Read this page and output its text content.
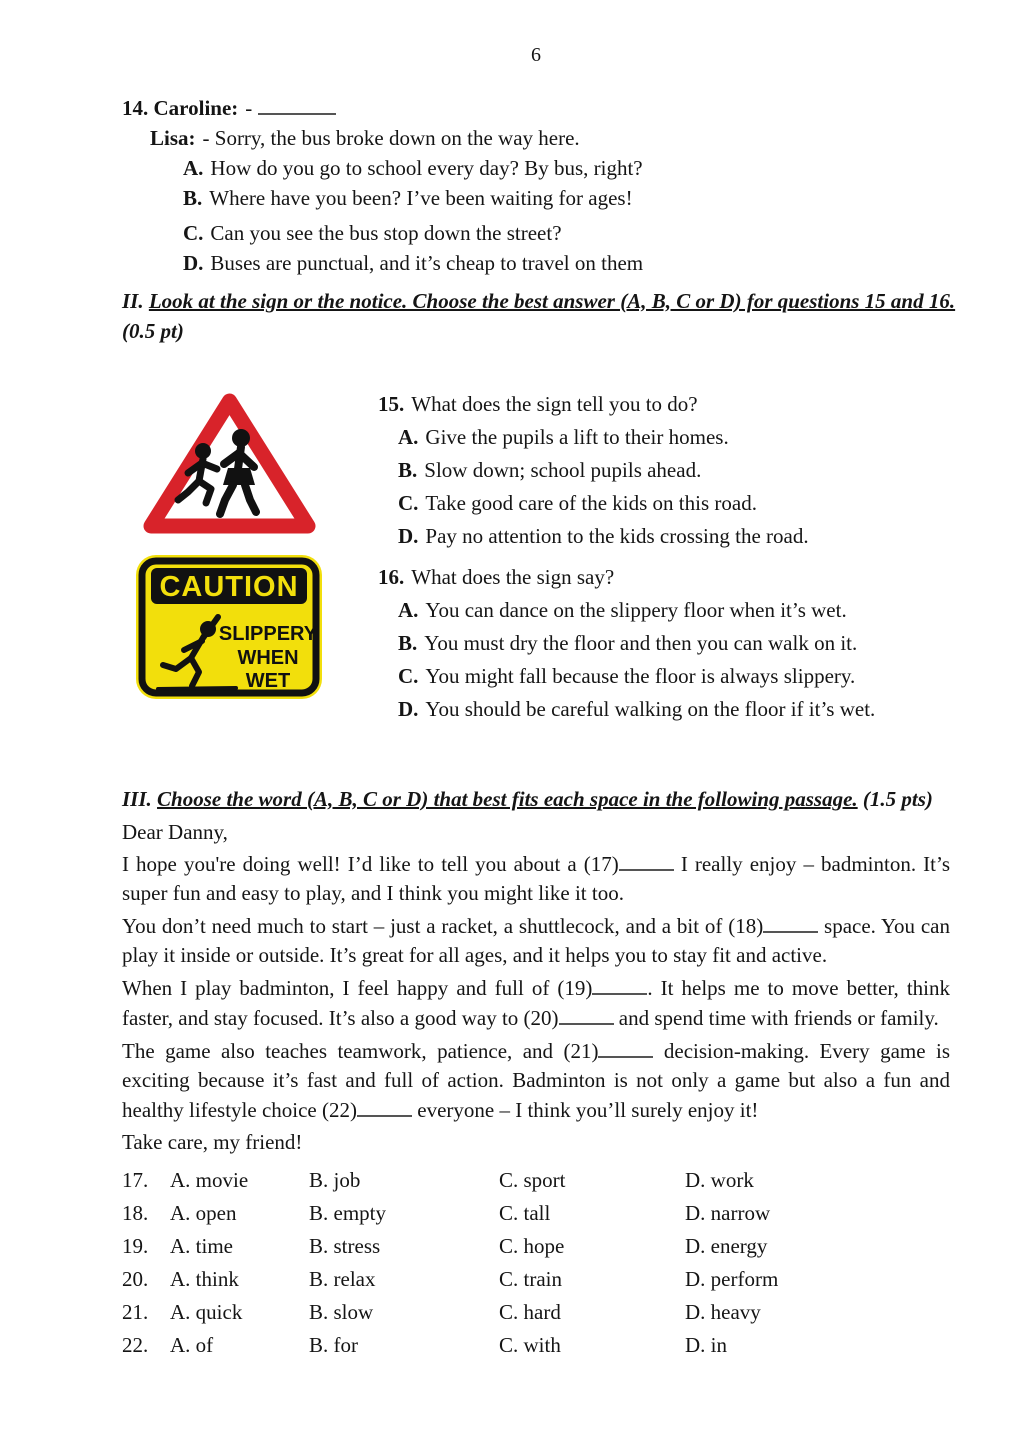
6
14. Caroline: -
Lisa: - Sorry, the bus broke down on the way here.
A. How do you go to school every day? By bus, right?
B. Where have you been? I’ve been waiting for ages!
C. Can you see the bus stop down the street?
D. Buses are punctual, and it’s cheap to travel on them
II. Look at the sign or the notice. Choose the best answer (A, B, C or D) for questions 15 and 16.
(0.5 pt)
CAUTION
SLIPPERY
WHEN
WET
15. What does the sign tell you to do?
A. Give the pupils a lift to their homes.
B. Slow down; school pupils ahead.
C. Take good care of the kids on this road.
D. Pay no attention to the kids crossing the road.
16. What does the sign say?
A. You can dance on the slippery floor when it’s wet.
B. You must dry the floor and then you can walk on it.
C. You might fall because the floor is always slippery.
D. You should be careful walking on the floor if it’s wet.
III. Choose the word (A, B, C or D) that best fits each space in the following passage. (1.5 pts)
Dear Danny,

I hope you're doing well! I’d like to tell you about a (17)	I really enjoy – badminton. It’s super fun and easy to play, and I think you might like it too.

You don’t need much to start – just a racket, a shuttlecock, and a bit of (18)	space. You can play it inside or outside. It’s great for all ages, and it helps you to stay fit and active.

When I play badminton, I feel happy and full of (19)	. It helps me to move better, think faster, and stay focused. It’s also a good way to (20)	and spend time with friends or family.

The game also teaches teamwork, patience, and (21)	decision-making. Every game is exciting because it’s fast and full of action. Badminton is not only a game but also a fun and healthy lifestyle choice (22)	everyone – I think you’ll surely enjoy it!

Take care, my friend!
17.	A. movie	B. job	C. sport	D. work
18.	A. open	B. empty	C. tall	D. narrow
19.	A. time	B. stress	C. hope	D. energy
20.	A. think	B. relax	C. train	D. perform
21.	A. quick	B. slow	C. hard	D. heavy
22.	A. of	B. for	C. with	D. in
